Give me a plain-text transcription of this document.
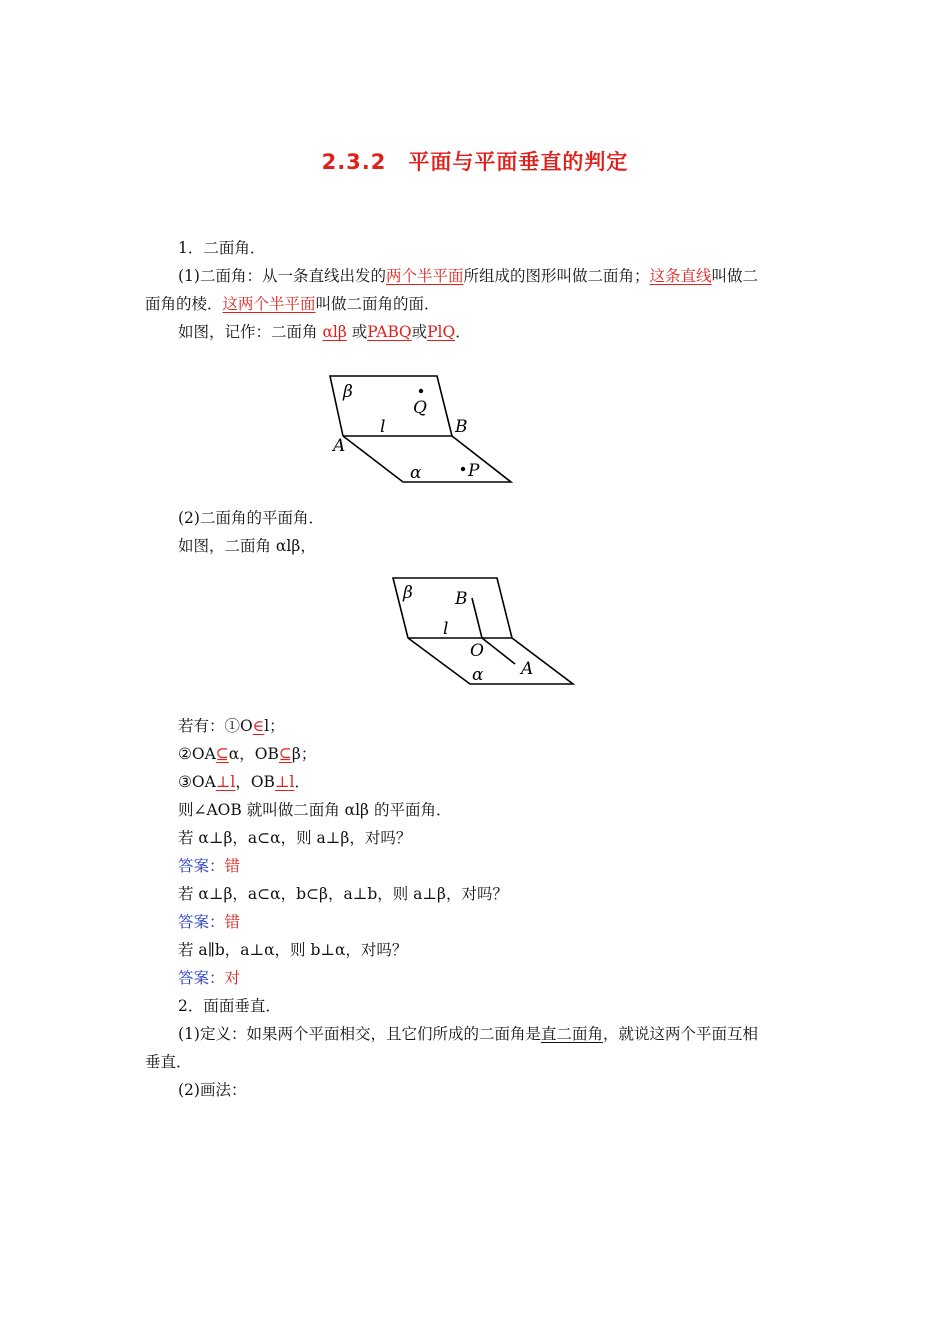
2.3.2　平面与平面垂直的判定
1．二面角．
(1)二面角：从一条直线出发的两个半平面所组成的图形叫做二面角；这条直线叫做二
面角的棱．这两个半平面叫做二面角的面．
如图，记作：二面角 αlβ 或PABQ或PlQ．
β
Q
l
A
B
α	P
(2)二面角的平面角．
如图，二面角 αlβ，
β B
l
O
A
α
若有：①O∈l；
②OA⊆α，OB⊆β；
③OA⊥l，OB⊥l．
则∠AOB 就叫做二面角 αlβ 的平面角．
若 α⊥β，a⊂α，则 a⊥β，对吗？
答案：错
若 α⊥β，a⊂α，b⊂β，a⊥b，则 a⊥β，对吗？
答案：错
若 a∥b，a⊥α，则 b⊥α，对吗？
答案：对
2．面面垂直．
(1)定义：如果两个平面相交，且它们所成的二面角是直二面角，就说这两个平面互相
垂直．
(2)画法：
